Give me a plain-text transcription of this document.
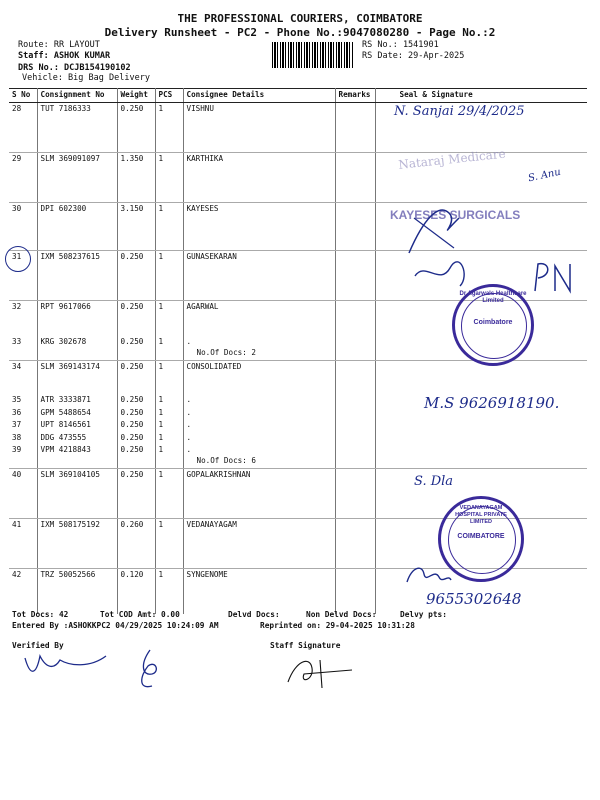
THE PROFESSIONAL COURIERS, COIMBATORE
Delivery Runsheet - PC2 - Phone No.:9047080280 - Page No.:2
Route: RR LAYOUT
Staff: ASHOK KUMAR
DRS No.: DCJB154190102
Vehicle: Big Bag Delivery
RS No.: 1541901
RS Date: 29-Apr-2025
S No	Consignment No	Weight	PCS	Consignee Details	Remarks	Seal & Signature
28	TUT 7186333	0.250	1	VISHNU		
29	SLM 369091097	1.350	1	KARTHIKA		
30	DPI 602300	3.150	1	KAYESES		
31	IXM 508237615	0.250	1	GUNASEKARAN		
32	RPT 9617066	0.250	1	AGARWAL		
33	KRG 302678	0.250	1	.
No.Of Docs: 2		

34	SLM 369143174	0.250	1	CONSOLIDATED		
35	ATR 3333871	0.250	1	.		
36	GPM 5488654	0.250	1	.		
37	UPT 8146561	0.250	1	.		
38	DDG 473555	0.250	1	.		
39	VPM 4218843	0.250	1	.
No.Of Docs: 6		

40	SLM 369104105	0.250	1	GOPALAKRISHNAN		
41	IXM 508175192	0.260	1	VEDANAYAGAM		
42	TRZ 50052566	0.120	1	SYNGENOME		
N. Sanjai 29/4/2025
Nataraj Medicare
S. Anu
KAYESES SURGICALS
Dr.Agarwals Healthcare Limited
Coimbatore
M.S 9626918190.
S. Dla
VEDANAYAGAM HOSPITAL PRIVATE LIMITED
COIMBATORE
9655302648
Tot Docs: 42	Tot COD Amt: 0.00	Delvd Docs:	Non Delvd Docs:	Delvy pts:
Entered By :ASHOKKPC2 04/29/2025 10:24:09 AM	Reprinted on: 29-04-2025 10:31:28
Verified By	Staff Signature
